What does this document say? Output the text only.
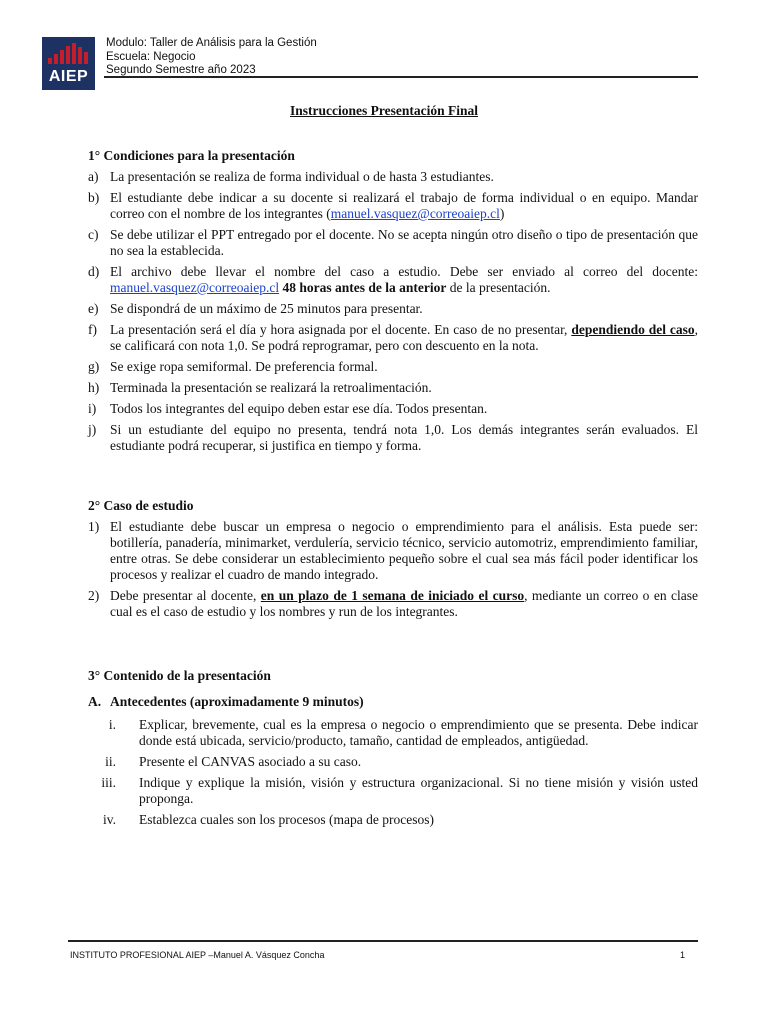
AIEP
Modulo: Taller de Análisis para la Gestión
Escuela: Negocio
Segundo Semestre año 2023
Instrucciones Presentación Final
1° Condiciones para la presentación
a) La presentación se realiza de forma individual o de hasta 3 estudiantes.
b) El estudiante debe indicar a su docente si realizará el trabajo de forma individual o en equipo. Mandar correo con el nombre de los integrantes (manuel.vasquez@correoaiep.cl)
c) Se debe utilizar el PPT entregado por el docente. No se acepta ningún otro diseño o tipo de presentación que no sea la establecida.
d) El archivo debe llevar el nombre del caso a estudio. Debe ser enviado al correo del docente: manuel.vasquez@correoaiep.cl 48 horas antes de la anterior de la presentación.
e) Se dispondrá de un máximo de 25 minutos para presentar.
f) La presentación será el día y hora asignada por el docente. En caso de no presentar, dependiendo del caso, se calificará con nota 1,0. Se podrá reprogramar, pero con descuento en la nota.
g) Se exige ropa semiformal. De preferencia formal.
h) Terminada la presentación se realizará la retroalimentación.
i) Todos los integrantes del equipo deben estar ese día. Todos presentan.
j) Si un estudiante del equipo no presenta, tendrá nota 1,0. Los demás integrantes serán evaluados. El estudiante podrá recuperar, si justifica en tiempo y forma.
2° Caso de estudio
1) El estudiante debe buscar un empresa o negocio o emprendimiento para el análisis. Esta puede ser: botillería, panadería, minimarket, verdulería, servicio técnico, servicio automotriz, emprendimiento familiar, entre otras. Se debe considerar un establecimiento pequeño sobre el cual sea más fácil poder identificar los procesos y realizar el cuadro de mando integrado.
2) Debe presentar al docente, en un plazo de 1 semana de iniciado el curso, mediante un correo o en clase cual es el caso de estudio y los nombres y run de los integrantes.
3° Contenido de la presentación
A. Antecedentes (aproximadamente 9 minutos)
i. Explicar, brevemente, cual es la empresa o negocio o emprendimiento que se presenta. Debe indicar donde está ubicada, servicio/producto, tamaño, cantidad de empleados, antigüedad.
ii. Presente el CANVAS asociado a su caso.
iii. Indique y explique la misión, visión y estructura organizacional. Si no tiene misión y visión usted proponga.
iv. Establezca cuales son los procesos (mapa de procesos)
INSTITUTO PROFESIONAL AIEP –Manuel A. Vásquez Concha	1
